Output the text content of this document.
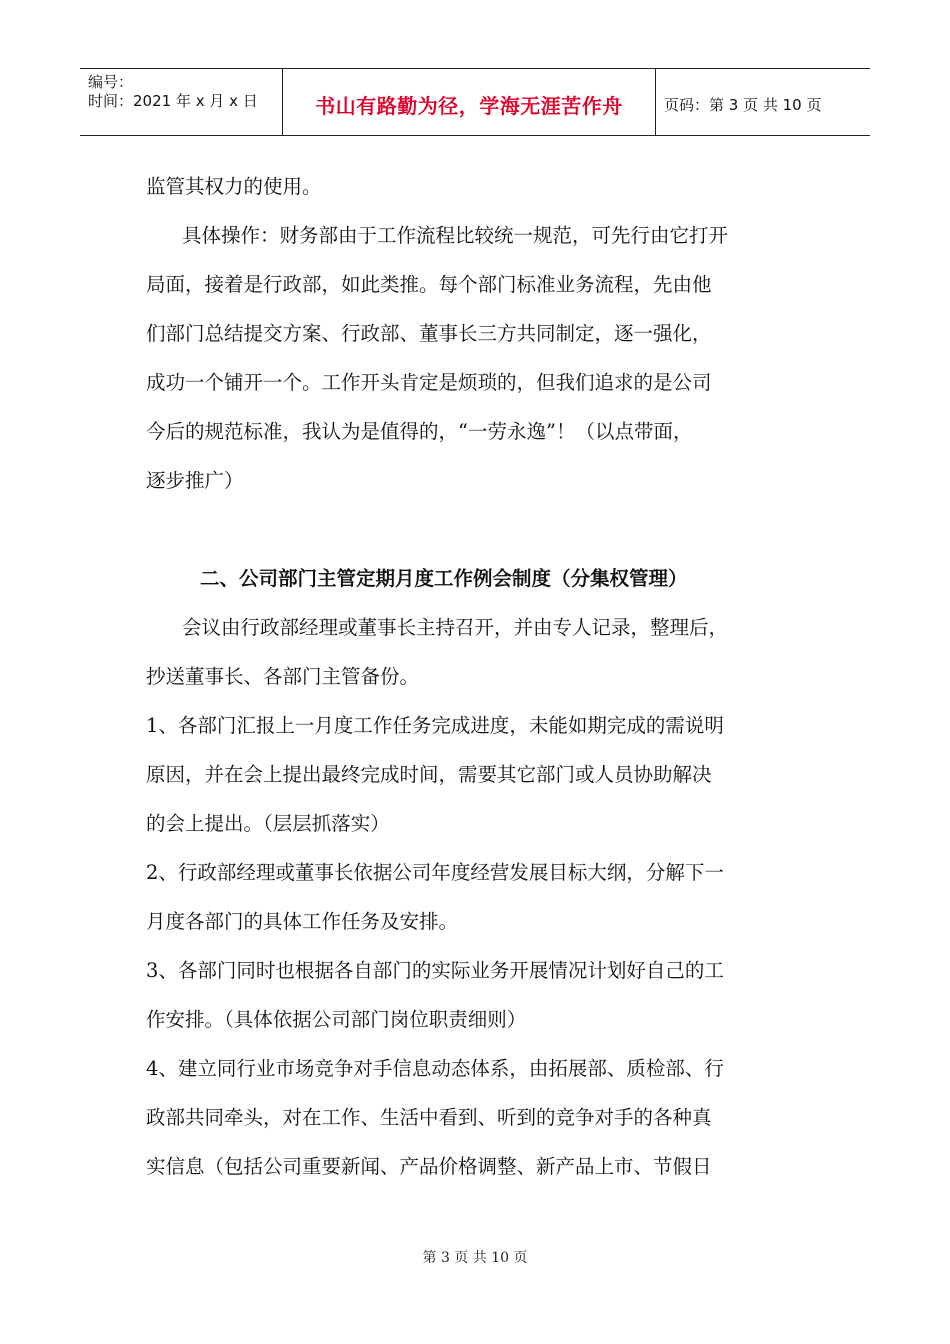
编号：
时间：2021 年 x 月 x 日	书山有路勤为径，学海无涯苦作舟	页码：第 3 页 共 10 页
监管其权力的使用。
具体操作：财务部由于工作流程比较统一规范，可先行由它打开
局面，接着是行政部，如此类推。每个部门标准业务流程，先由他
们部门总结提交方案、行政部、董事长三方共同制定，逐一强化，
成功一个铺开一个。工作开头肯定是烦琐的，但我们追求的是公司
今后的规范标准，我认为是值得的，“一劳永逸”！（以点带面，
逐步推广）
二、公司部门主管定期月度工作例会制度（分集权管理）
会议由行政部经理或董事长主持召开，并由专人记录，整理后，
抄送董事长、各部门主管备份。
1、各部门汇报上一月度工作任务完成进度，未能如期完成的需说明
原因，并在会上提出最终完成时间，需要其它部门或人员协助解决
的会上提出。（层层抓落实）
2、行政部经理或董事长依据公司年度经营发展目标大纲，分解下一
月度各部门的具体工作任务及安排。
3、各部门同时也根据各自部门的实际业务开展情况计划好自己的工
作安排。（具体依据公司部门岗位职责细则）
4、建立同行业市场竞争对手信息动态体系，由拓展部、质检部、行
政部共同牵头，对在工作、生活中看到、听到的竞争对手的各种真
实信息（包括公司重要新闻、产品价格调整、新产品上市、节假日
第 3 页 共 10 页
